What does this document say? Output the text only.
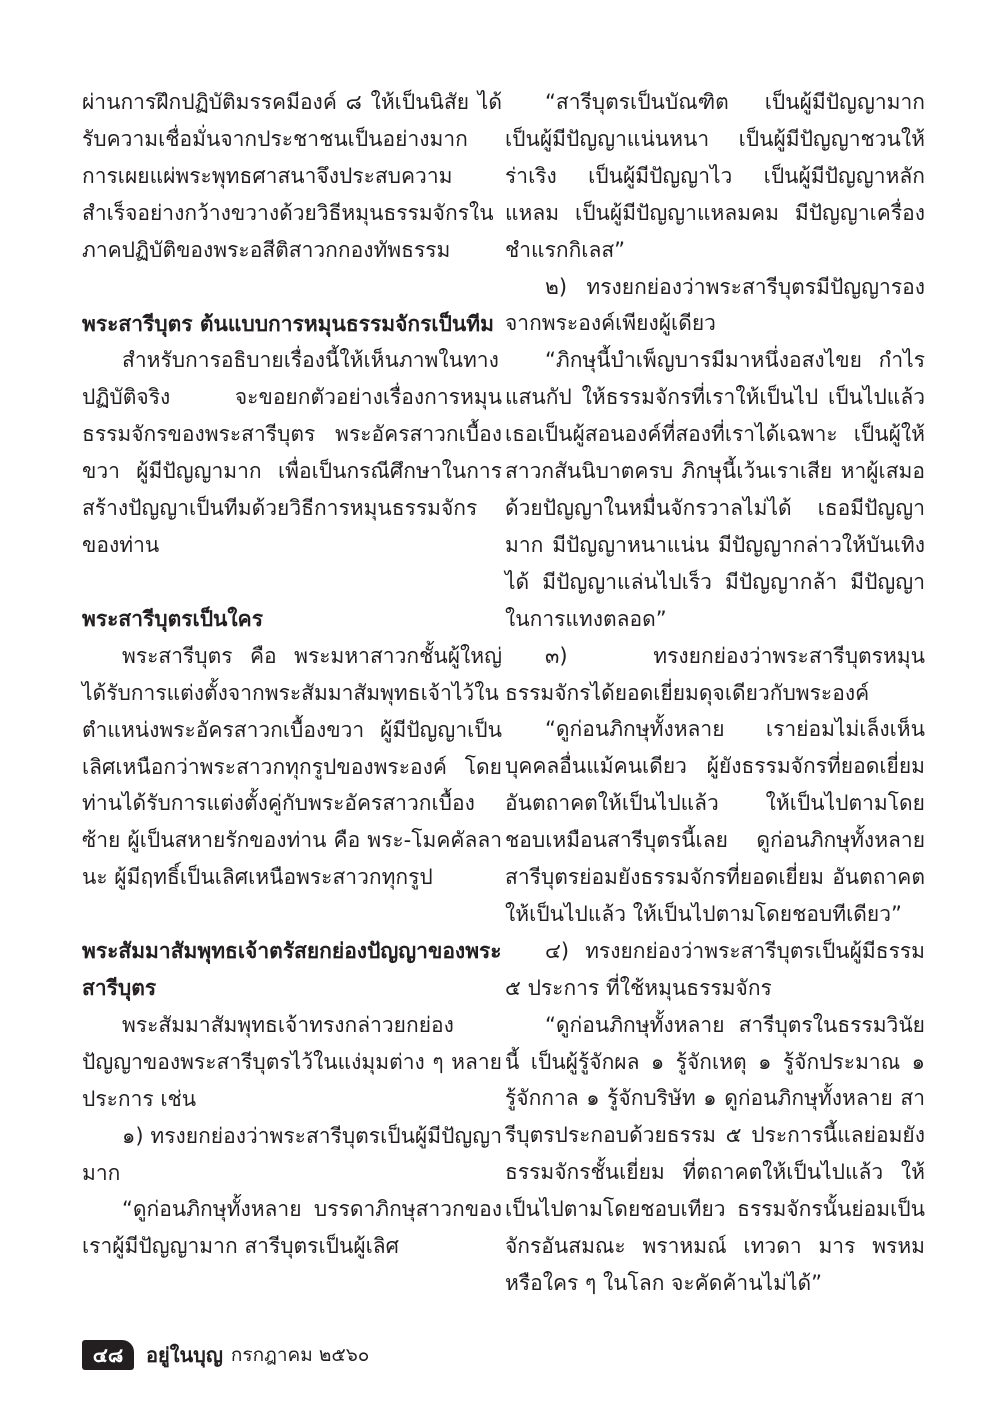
ผ่านการฝึกปฏิบัติมรรคมีองค์ ๘ ให้เป็นนิสัย ได้รับความเชื่อมั่นจากประชาชนเป็นอย่างมาก การเผยแผ่พระพุทธศาสนาจึงประสบความสำเร็จอย่างกว้างขวางด้วยวิธีหมุนธรรมจักรในภาคปฏิบัติของพระอสีติสาวกกองทัพธรรม

พระสารีบุตร ต้นแบบการหมุนธรรมจักรเป็นทีม

สำหรับการอธิบายเรื่องนี้ให้เห็นภาพในทางปฏิบัติจริง จะขอยกตัวอย่างเรื่องการหมุนธรรมจักรของพระสารีบุตร พระอัครสาวกเบื้องขวา ผู้มีปัญญามาก เพื่อเป็นกรณีศึกษาในการสร้างปัญญาเป็นทีมด้วยวิธีการหมุนธรรมจักรของท่าน

พระสารีบุตรเป็นใคร

พระสารีบุตร คือ พระมหาสาวกชั้นผู้ใหญ่ ได้รับการแต่งตั้งจากพระสัมมาสัมพุทธเจ้าไว้ในตำแหน่งพระอัครสาวกเบื้องขวา ผู้มีปัญญาเป็นเลิศเหนือกว่าพระสาวกทุกรูปของพระองค์ โดยท่านได้รับการแต่งตั้งคู่กับพระอัครสาวกเบื้องซ้าย ผู้เป็นสหายรักของท่าน คือ พระ-โมคคัลลานะ ผู้มีฤทธิ์เป็นเลิศเหนือพระสาวกทุกรูป

พระสัมมาสัมพุทธเจ้าตรัสยกย่องปัญญาของพระสารีบุตร

พระสัมมาสัมพุทธเจ้าทรงกล่าวยกย่องปัญญาของพระสารีบุตรไว้ในแง่มุมต่าง ๆ หลายประการ เช่น

๑) ทรงยกย่องว่าพระสารีบุตรเป็นผู้มีปัญญามาก

“ดูก่อนภิกษุทั้งหลาย บรรดาภิกษุสาวกของเราผู้มีปัญญามาก สารีบุตรเป็นผู้เลิศ

“สารีบุตรเป็นบัณฑิต เป็นผู้มีปัญญามาก เป็นผู้มีปัญญาแน่นหนา เป็นผู้มีปัญญาชวนให้ร่าเริง เป็นผู้มีปัญญาไว เป็นผู้มีปัญญาหลักแหลม เป็นผู้มีปัญญาแหลมคม มีปัญญาเครื่องชำแรกกิเลส”

๒) ทรงยกย่องว่าพระสารีบุตรมีปัญญารองจากพระองค์เพียงผู้เดียว

“ภิกษุนี้บำเพ็ญบารมีมาหนึ่งอสงไขย กำไรแสนกัป ให้ธรรมจักรที่เราให้เป็นไป เป็นไปแล้ว เธอเป็นผู้สอนองค์ที่สองที่เราได้เฉพาะ เป็นผู้ให้สาวกสันนิบาตครบ ภิกษุนี้เว้นเราเสีย หาผู้เสมอด้วยปัญญาในหมื่นจักรวาลไม่ได้ เธอมีปัญญามาก มีปัญญาหนาแน่น มีปัญญากล่าวให้บันเทิงได้ มีปัญญาแล่นไปเร็ว มีปัญญากล้า มีปัญญาในการแทงตลอด”

๓) ทรงยกย่องว่าพระสารีบุตรหมุนธรรมจักรได้ยอดเยี่ยมดุจเดียวกับพระองค์

“ดูก่อนภิกษุทั้งหลาย เราย่อมไม่เล็งเห็นบุคคลอื่นแม้คนเดียว ผู้ยังธรรมจักรที่ยอดเยี่ยมอันตถาคตให้เป็นไปแล้ว ให้เป็นไปตามโดยชอบเหมือนสารีบุตรนี้เลย ดูก่อนภิกษุทั้งหลาย สารีบุตรย่อมยังธรรมจักรที่ยอดเยี่ยม อันตถาคตให้เป็นไปแล้ว ให้เป็นไปตามโดยชอบทีเดียว”

๔) ทรงยกย่องว่าพระสารีบุตรเป็นผู้มีธรรม ๕ ประการ ที่ใช้หมุนธรรมจักร

“ดูก่อนภิกษุทั้งหลาย สารีบุตรในธรรมวินัยนี้ เป็นผู้รู้จักผล ๑ รู้จักเหตุ ๑ รู้จักประมาณ ๑ รู้จักกาล ๑ รู้จักบริษัท ๑ ดูก่อนภิกษุทั้งหลาย สารีบุตรประกอบด้วยธรรม ๕ ประการนี้แลย่อมยังธรรมจักรชั้นเยี่ยม ที่ตถาคตให้เป็นไปแล้ว ให้เป็นไปตามโดยชอบเทียว ธรรมจักรนั้นย่อมเป็นจักรอันสมณะ พราหมณ์ เทวดา มาร พรหม หรือใคร ๆ ในโลก จะคัดค้านไม่ได้”

๔๘	อยู่ในบุญ กรกฎาคม ๒๕๖๐
